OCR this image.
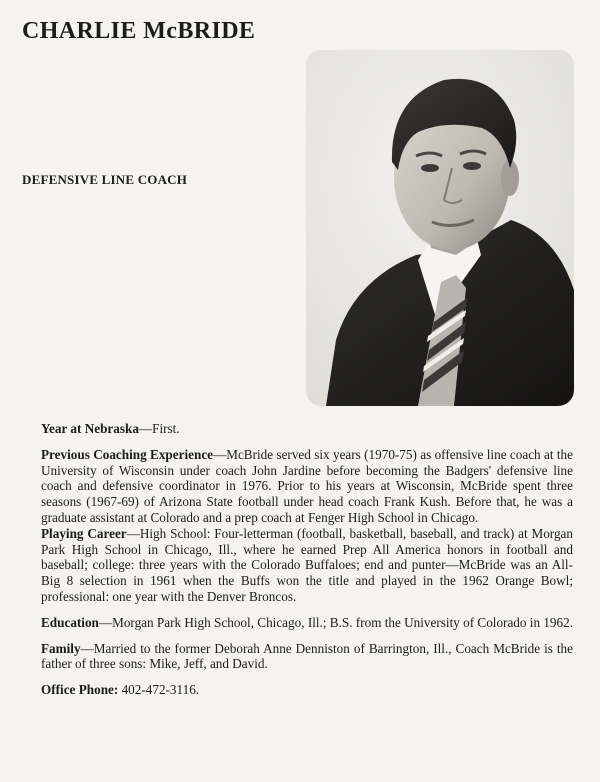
CHARLIE McBRIDE
DEFENSIVE LINE COACH

Year at Nebraska—First.

Previous Coaching Experience—McBride served six years (1970-75) as offensive line coach at the University of Wisconsin under coach John Jardine before becoming the Badgers' defensive line coach and defensive coordinator in 1976. Prior to his years at Wisconsin, McBride spent three seasons (1967-69) of Arizona State football under head coach Frank Kush. Before that, he was a graduate assistant at Colorado and a prep coach at Fenger High School in Chicago.

Playing Career—High School: Four-letterman (football, basketball, baseball, and track) at Morgan Park High School in Chicago, Ill., where he earned Prep All America honors in football and baseball; college: three years with the Colorado Buffaloes; end and punter—McBride was an All-Big 8 selection in 1961 when the Buffs won the title and played in the 1962 Orange Bowl; professional: one year with the Denver Broncos.

Education—Morgan Park High School, Chicago, Ill.; B.S. from the University of Colorado in 1962.

Family—Married to the former Deborah Anne Denniston of Barrington, Ill., Coach McBride is the father of three sons: Mike, Jeff, and David.

Office Phone: 402-472-3116.
